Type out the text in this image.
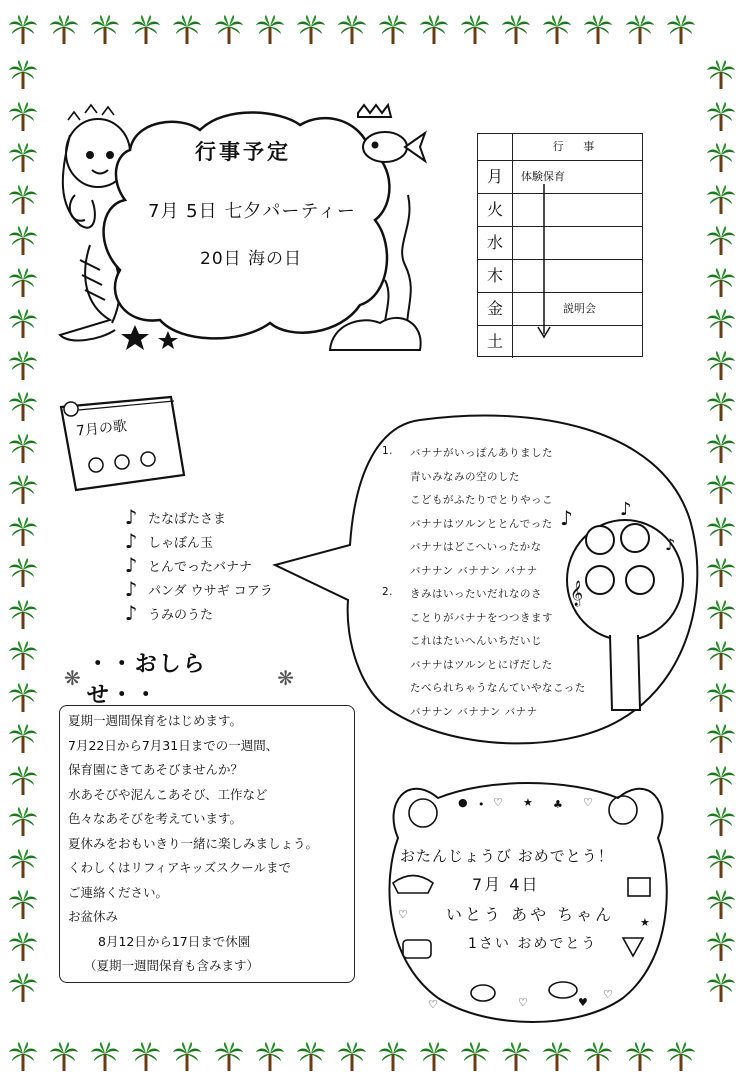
行事予定
7月 5日 七夕パーティー
20日 海の日
行 事
月	体験保育
火
水
木
金	説明会
土
7月の歌
♪ たなばたさま
♪ しゃぼん玉
♪ とんでったバナナ
♪ パンダ ウサギ コアラ
♪ うみのうた
♪	♪
♪
𝄞
1. バナナがいっぽんありました
青いみなみの空のした
こどもがふたりでとりやっこ
バナナはツルンととんでった
バナナはどこへいったかな
バナナン バナナン バナナ
2. きみはいったいだれなのさ
ことりがバナナをつつきます
これはたいへんいちだいじ
バナナはツルンとにげだした
たべられちゃうなんていやなこった
バナナン バナナン バナナ
❋
・・おしらせ・・
❋

夏期一週間保育をはじめます。

7月22日から7月31日までの一週間、

保育園にきてあそびませんか？

水あそびや泥んこあそび、工作など

色々なあそびを考えています。

夏休みをおもいきり一緒に楽しみましょう。

くわしくはリフィアキッズスクールまで

ご連絡ください。

お盆休み

8月12日から17日まで休園

（夏期一週間保育も含みます）

● • ♡ ★ ♣ ♡
♡
★
♡	♡	♥
♡
おたんじょうび おめでとう！
7月 4日
いとう あや ちゃん
1さい おめでとう
